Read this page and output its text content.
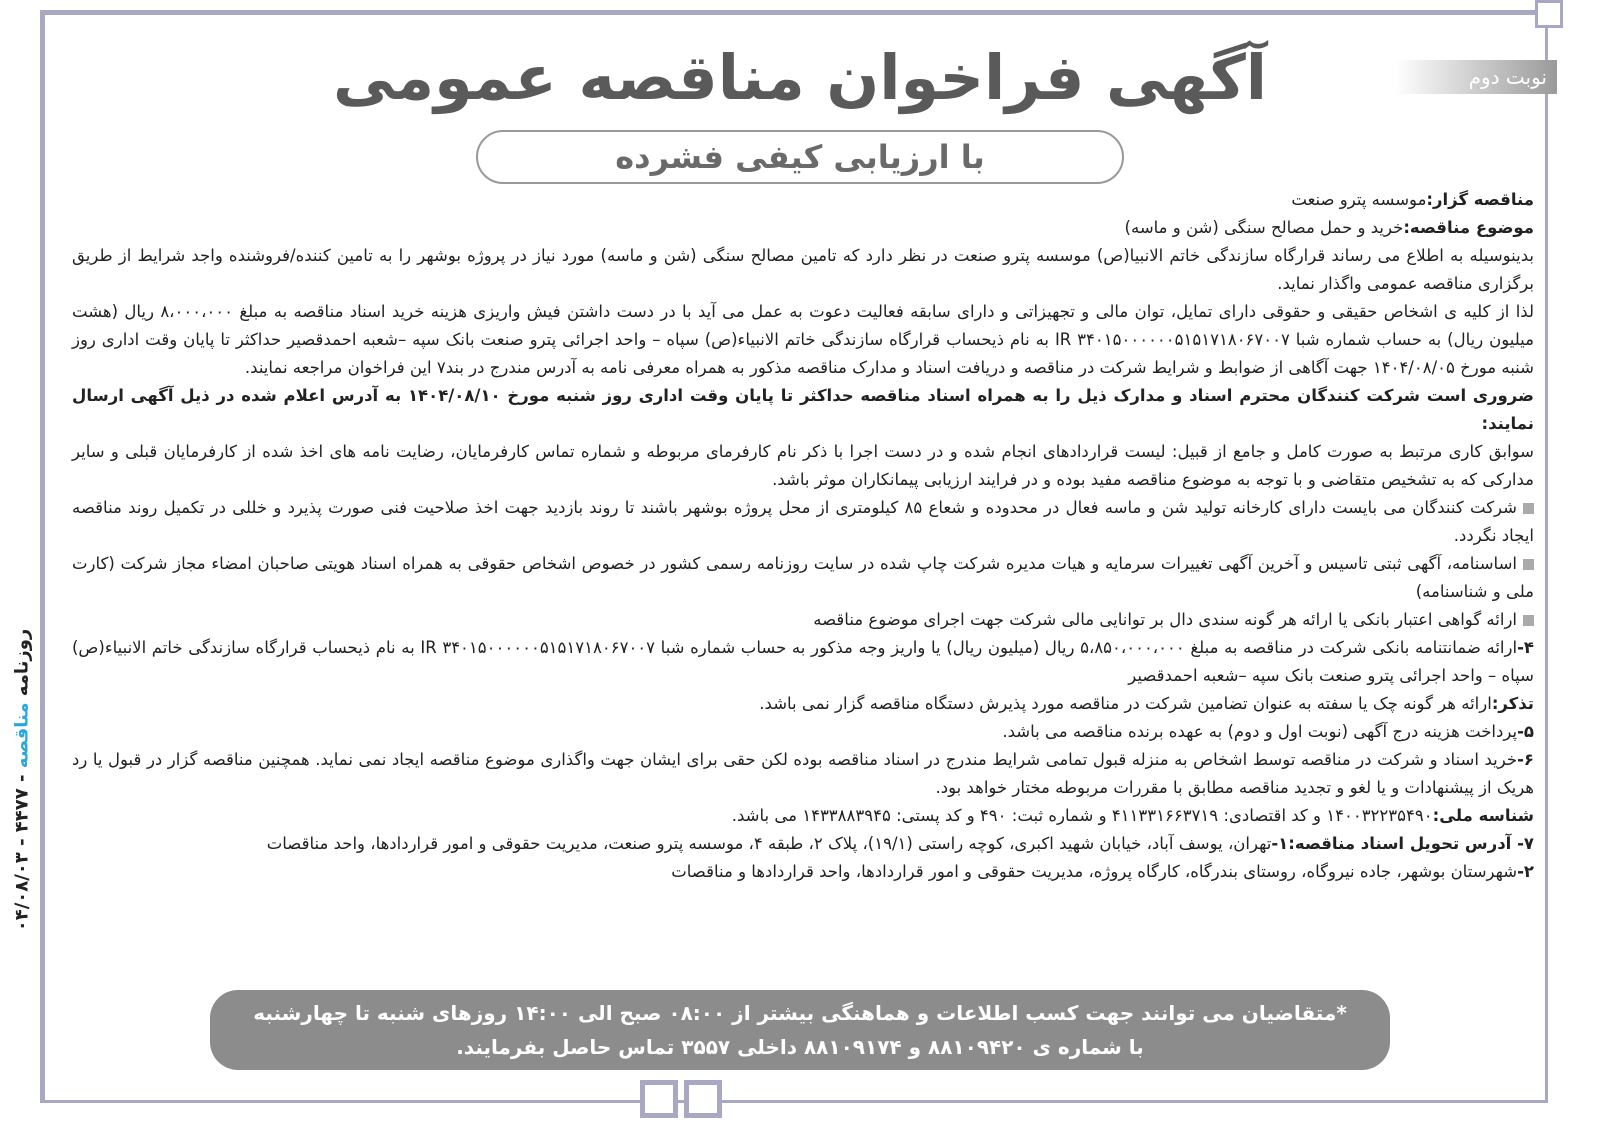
نوبت دوم
آگهی فراخوان مناقصه عمومی
با ارزیابی کیفی فشرده

مناقصه گزار:موسسه پترو صنعت

موضوع مناقصه:خرید و حمل مصالح سنگی (شن و ماسه)

بدینوسیله به اطلاع می رساند قرارگاه سازندگی خاتم الانبیا(ص) موسسه پترو صنعت در نظر دارد که تامین مصالح سنگی (شن و ماسه) مورد نیاز در پروژه بوشهر را به تامین کننده/فروشنده واجد شرایط از طریق برگزاری مناقصه عمومی واگذار نماید.

لذا از کلیه ی اشخاص حقیقی و حقوقی دارای تمایل، توان مالی و تجهیزاتی و دارای سابقه فعالیت دعوت به عمل می آید با در دست داشتن فیش واریزی هزینه خرید اسناد مناقصه به مبلغ ۸،۰۰۰،۰۰۰ ریال (هشت میلیون ریال) به حساب شماره شبا IR ۳۴۰۱۵۰۰۰۰۰۰۵۱۵۱۷۱۸۰۶۷۰۰۷ به نام ذیحساب قرارگاه سازندگی خاتم الانبیاء(ص) سپاه – واحد اجرائی پترو صنعت بانک سپه –شعبه احمدقصیر حداکثر تا پایان وقت اداری روز شنبه مورخ ۱۴۰۴/۰۸/۰۵ جهت آگاهی از ضوابط و شرایط شرکت در مناقصه و دریافت اسناد و مدارک مناقصه مذکور به همراه معرفی نامه به آدرس مندرج در بند۷ این فراخوان مراجعه نمایند.

ضروری است شرکت کنندگان محترم اسناد و مدارک ذیل را به همراه اسناد مناقصه حداکثر تا پایان وقت اداری روز شنبه مورخ ۱۴۰۴/۰۸/۱۰ به آدرس اعلام شده در ذیل آگهی ارسال نمایند:

سوابق کاری مرتبط به صورت کامل و جامع از قبیل: لیست قراردادهای انجام شده و در دست اجرا با ذکر نام کارفرمای مربوطه و شماره تماس کارفرمایان، رضایت نامه های اخذ شده از کارفرمایان قبلی و سایر مدارکی که به تشخیص متقاضی و با توجه به موضوع مناقصه مفید بوده و در فرایند ارزیابی پیمانکاران موثر باشد.

شرکت کنندگان می بایست دارای کارخانه تولید شن و ماسه فعال در محدوده و شعاع ۸۵ کیلومتری از محل پروژه بوشهر باشند تا روند بازدید جهت اخذ صلاحیت فنی صورت پذیرد و خللی در تکمیل روند مناقصه ایجاد نگردد.

اساسنامه، آگهی ثبتی تاسیس و آخرین آگهی تغییرات سرمایه و هیات مدیره شرکت چاپ شده در سایت روزنامه رسمی کشور در خصوص اشخاص حقوقی به همراه اسناد هویتی صاحبان امضاء مجاز شرکت (کارت ملی و شناسنامه)

ارائه گواهی اعتبار بانکی یا ارائه هر گونه سندی دال بر توانایی مالی شرکت جهت اجرای موضوع مناقصه

۴-ارائه ضمانتنامه بانکی شرکت در مناقصه به مبلغ ۵،۸۵۰،۰۰۰،۰۰۰ ریال (میلیون ریال) یا واریز وجه مذکور به حساب شماره شبا IR ۳۴۰۱۵۰۰۰۰۰۰۵۱۵۱۷۱۸۰۶۷۰۰۷ به نام ذیحساب قرارگاه سازندگی خاتم الانبیاء(ص) سپاه – واحد اجرائی پترو صنعت بانک سپه –شعبه احمدقصیر

تذکر:ارائه هر گونه چک یا سفته به عنوان تضامین شرکت در مناقصه مورد پذیرش دستگاه مناقصه گزار نمی باشد.

۵-پرداخت هزینه درج آگهی (نوبت اول و دوم) به عهده برنده مناقصه می باشد.

۶-خرید اسناد و شرکت در مناقصه توسط اشخاص به منزله قبول تمامی شرایط مندرج در اسناد مناقصه بوده لکن حقی برای ایشان جهت واگذاری موضوع مناقصه ایجاد نمی نماید. همچنین مناقصه گزار در قبول یا رد هریک از پیشنهادات و یا لغو و تجدید مناقصه مطابق با مقررات مربوطه مختار خواهد بود.

شناسه ملی:۱۴۰۰۳۲۲۳۵۴۹۰ و کد اقتصادی: ۴۱۱۳۳۱۶۶۳۷۱۹ و شماره ثبت: ۴۹۰ و کد پستی: ۱۴۳۳۸۸۳۹۴۵ می باشد.

۷- آدرس تحویل اسناد مناقصه:۱-تهران، یوسف آباد، خیابان شهید اکبری، کوچه راستی (۱۹/۱)، پلاک ۲، طبقه ۴، موسسه پترو صنعت، مدیریت حقوقی و امور قراردادها، واحد مناقصات

۲-شهرستان بوشهر، جاده نیروگاه، روستای بندرگاه، کارگاه پروژه، مدیریت حقوقی و امور قراردادها، واحد قراردادها و مناقصات

*متقاضیان می توانند جهت کسب اطلاعات و هماهنگی بیشتر از ۰۸:۰۰ صبح الی ۱۴:۰۰ روزهای شنبه تا چهارشنبه
با شماره ی ۸۸۱۰۹۴۲۰ و ۸۸۱۰۹۱۷۴ داخلی ۳۵۵۷ تماس حاصل بفرمایند.
روزنامه مناقصه - ۴۴۷۷ - ۰۴/۰۸/۰۳
